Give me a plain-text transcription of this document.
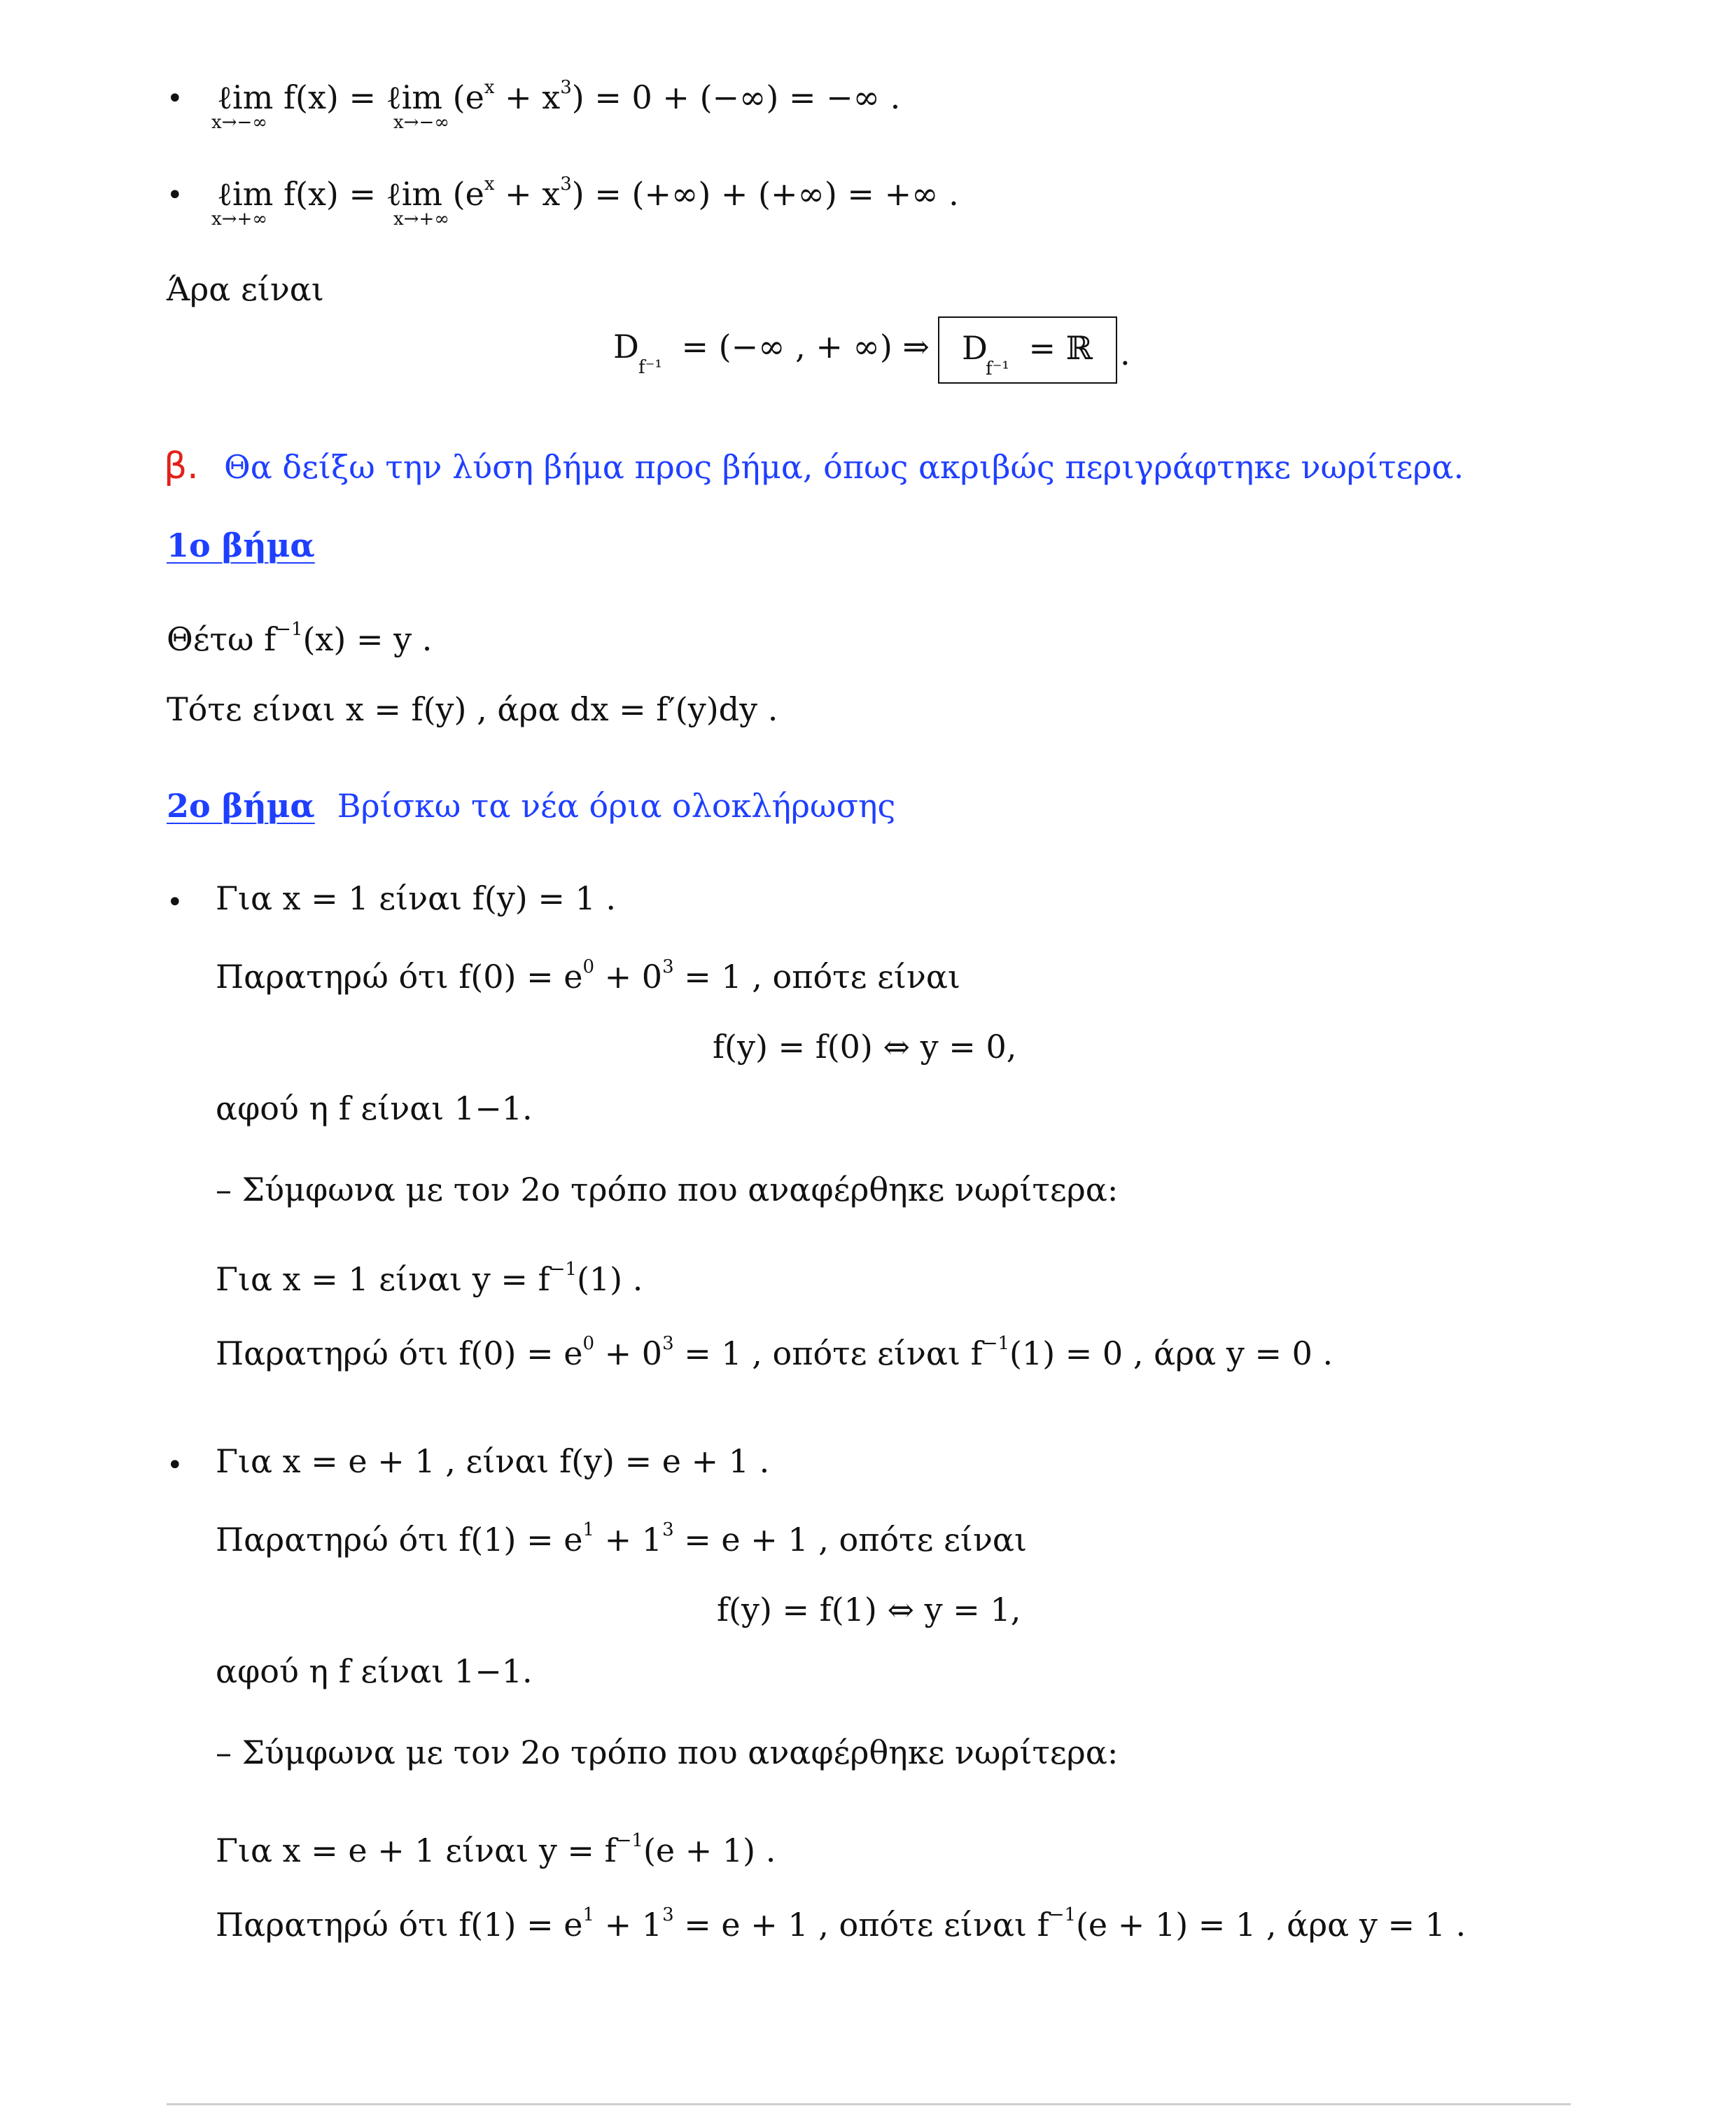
• ℓim f(x) = ℓim $(e^x + x^3) = 0$ + (−∞) = −∞ .
x→−∞	x→−∞
• ℓim f(x) = ℓim $(e^x + x^3)$ = (+∞) + (+∞) = +∞ .
x→+∞	x→+∞
Άρα είναι
D = (−∞ , + ∞) ⇒
f⁻¹
D = ℝ
f⁻¹	.
β. Θα δείξω την λύση βήμα προς βήμα, όπως ακριβώς περιγράφτηκε νωρίτερα.
1ο βήμα
Θέτω $f^{-1}(x) = y$ .
Τότε είναι x = f(y) , άρα dx = f′(y)dy .
2ο βήμα Βρίσκω τα νέα όρια ολοκλήρωσης
• Για x = 1 είναι f(y) = 1 .
Παρατηρώ ότι $f(0) = e^0 + 0^3 = 1$ , οπότε είναι
f(y) = f(0) ⇔ y = 0,
αφού η f είναι 1−1.
– Σύμφωνα με τον 2ο τρόπο που αναφέρθηκε νωρίτερα:
Για x = 1 είναι $y = f^{-1}(1)$ .
Παρατηρώ ότι $f(0) = e^0 + 0^3 = 1$ , οπότε είναι $f^{-1}(1) = 0$ , άρα y = 0 .
• Για x = e + 1 , είναι f(y) = e + 1 .
Παρατηρώ ότι $f(1) = e^1 + 1^3 = e + 1$ , οπότε είναι
f(y) = f(1) ⇔ y = 1,
αφού η f είναι 1−1.
– Σύμφωνα με τον 2ο τρόπο που αναφέρθηκε νωρίτερα:
Για x = e + 1 είναι $y = f^{-1}(e + 1)$ .
Παρατηρώ ότι $f(1) = e^1 + 1^3 = e + 1$ , οπότε είναι $f^{-1}(e + 1) = 1$ , άρα y = 1 .
